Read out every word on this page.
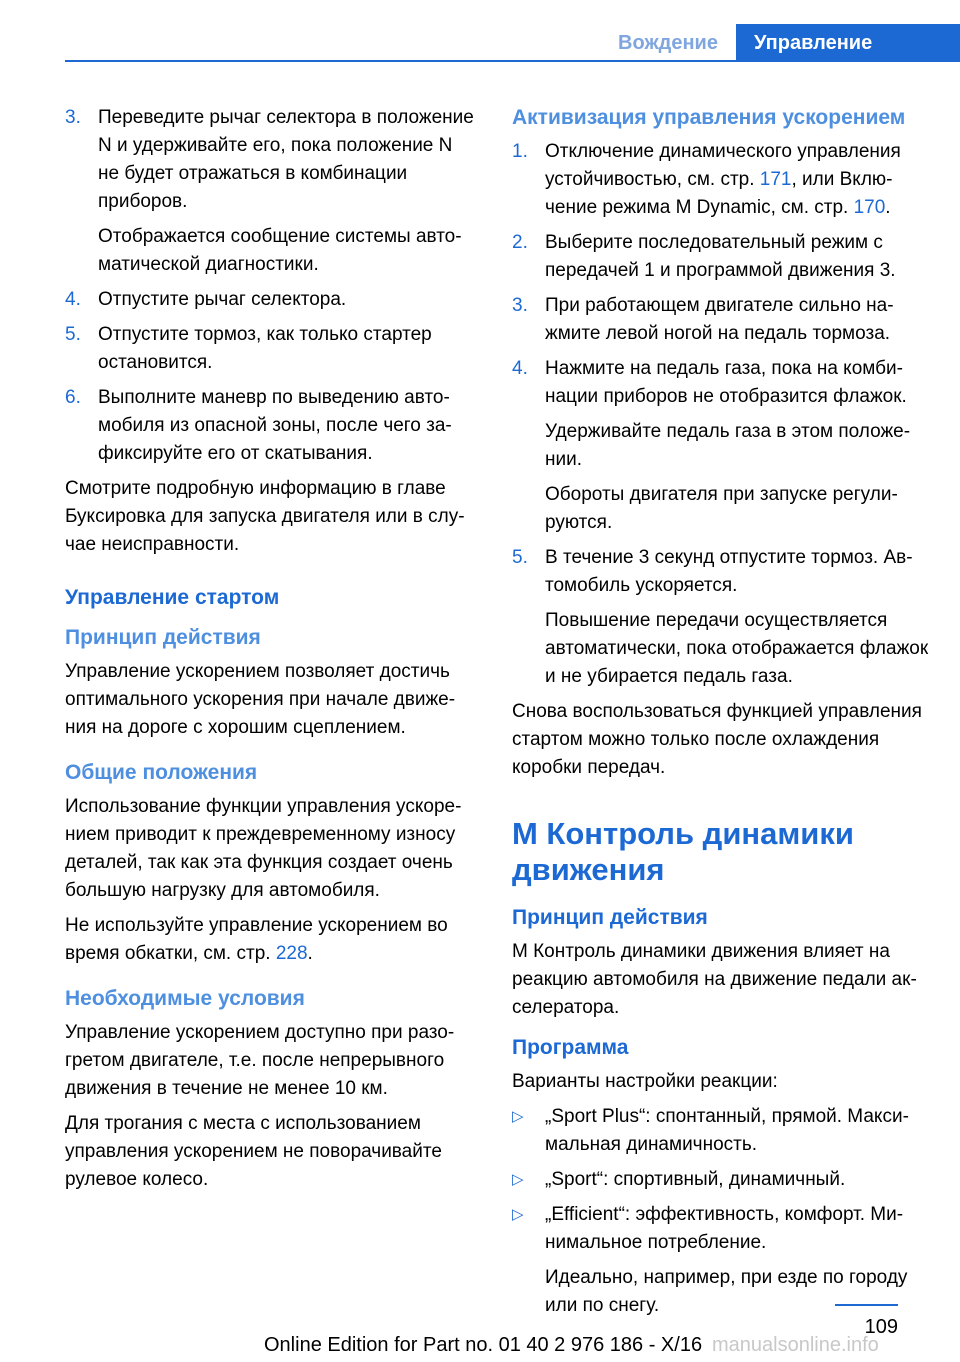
Вождение	Управление
3. Переведите рычаг селектора в положение N и удерживайте его, пока положение N не будет отражаться в комбинации приборов.

Отображается сообщение системы автоматической диагностики.

4. Отпустите рычаг селектора.

5. Отпустите тормоз, как только стартер остановится.

6. Выполните маневр по выведению автомобиля из опасной зоны, после чего зафиксируйте его от скатывания.

Смотрите подробную информацию в главе Буксировка для запуска двигателя или в случае неисправности.

Управление стартом
Принцип действия

Управление ускорением позволяет достичь оптимального ускорения при начале движения на дороге с хорошим сцеплением.

Общие положения

Использование функции управления ускорением приводит к преждевременному износу деталей, так как эта функция создает очень большую нагрузку для автомобиля.

Не используйте управление ускорением во время обкатки, см. стр. 228.

Необходимые условия

Управление ускорением доступно при разогретом двигателе, т.е. после непрерывного движения в течение не менее 10 км.

Для трогания с места с использованием управления ускорением не поворачивайте рулевое колесо.

Активизация управления ускорением
1. Отключение динамического управления устойчивостью, см. стр. 171, или Включение режима M Dynamic, см. стр. 170.

2. Выберите последовательный режим с передачей 1 и программой движения 3.

3. При работающем двигателе сильно нажмите левой ногой на педаль тормоза.

4. Нажмите на педаль газа, пока на комбинации приборов не отобразится флажок.

Удерживайте педаль газа в этом положении.

Обороты двигателя при запуске регулируются.

5. В течение 3 секунд отпустите тормоз. Автомобиль ускоряется.

Повышение передачи осуществляется автоматически, пока отображается флажок и не убирается педаль газа.

Снова воспользоваться функцией управления стартом можно только после охлаждения коробки передач.

M Контроль динамики движения
Принцип действия

M Контроль динамики движения влияет на реакцию автомобиля на движение педали акселератора.

Программа

Варианты настройки реакции:

▷	„Sport Plus“: спонтанный, прямой. Максимальная динамичность.

▷	„Sport“: спортивный, динамичный.

▷	„Efficient“: эффективность, комфорт. Минимальное потребление.

Идеально, например, при езде по городу или по снегу.

109
Online Edition for Part no. 01 40 2 976 186 - X/16 manualsonline.info
